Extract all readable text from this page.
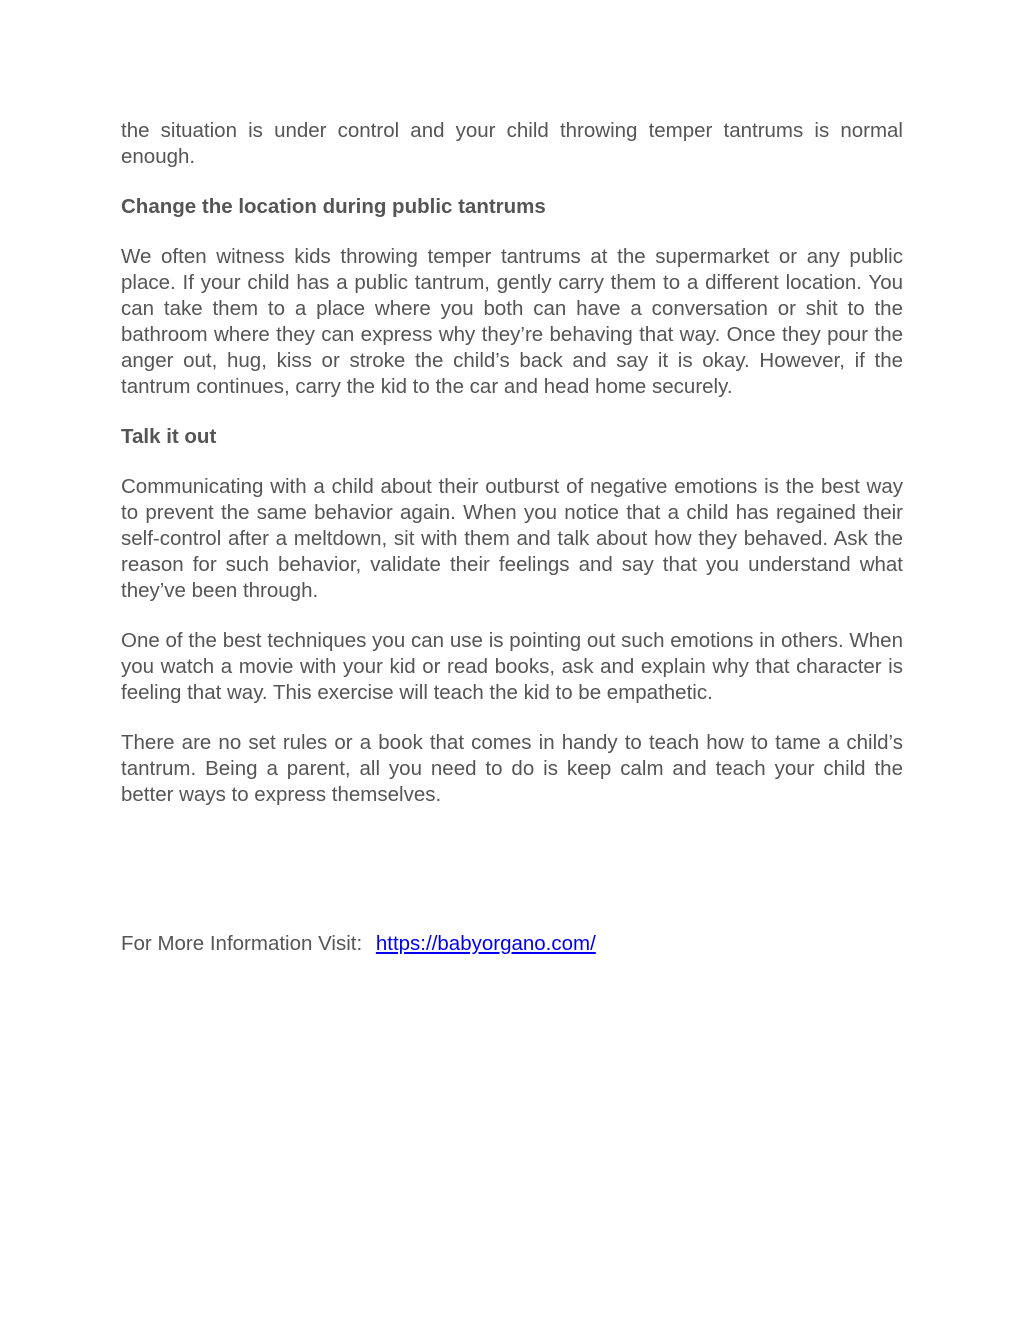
the situation is under control and your child throwing temper tantrums is normal enough.

Change the location during public tantrums

We often witness kids throwing temper tantrums at the supermarket or any public place. If your child has a public tantrum, gently carry them to a different location. You can take them to a place where you both can have a conversation or shit to the bathroom where they can express why they’re behaving that way. Once they pour the anger out, hug, kiss or stroke the child’s back and say it is okay. However, if the tantrum continues, carry the kid to the car and head home securely.

Talk it out

Communicating with a child about their outburst of negative emotions is the best way to prevent the same behavior again. When you notice that a child has regained their self-control after a meltdown, sit with them and talk about how they behaved. Ask the reason for such behavior, validate their feelings and say that you understand what they’ve been through.

One of the best techniques you can use is pointing out such emotions in others. When you watch a movie with your kid or read books, ask and explain why that character is feeling that way. This exercise will teach the kid to be empathetic.

There are no set rules or a book that comes in handy to teach how to tame a child’s tantrum. Being a parent, all you need to do is keep calm and teach your child the better ways to express themselves.

For More Information Visit: https://babyorgano.com/
